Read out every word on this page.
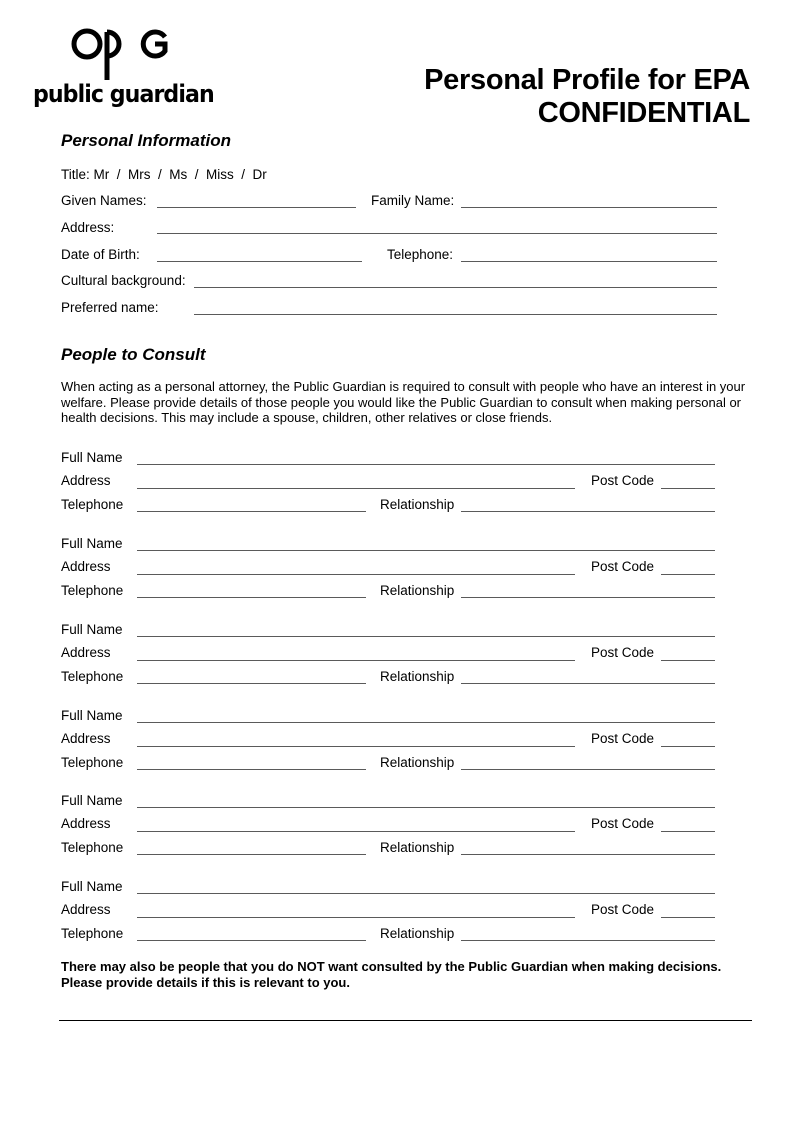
public guardian	Personal Profile for EPA
CONFIDENTIAL
Personal Information
Title: Mr  /  Mrs  /  Ms  /  Miss  /  Dr
Given Names:	Family Name:
Address:
Date of Birth:	Telephone:
Cultural background:
Preferred name:
People to Consult
When acting as a personal attorney, the Public Guardian is required to consult with people who have an interest in your welfare. Please provide details of those people you would like the Public Guardian to consult when making personal or health decisions. This may include a spouse, children, other relatives or close friends.
Full Name
Address	Post Code
Telephone	Relationship
Full Name
Address	Post Code
Telephone	Relationship
Full Name
Address	Post Code
Telephone	Relationship
Full Name
Address	Post Code
Telephone	Relationship
Full Name
Address	Post Code
Telephone	Relationship
Full Name
Address	Post Code
Telephone	Relationship
There may also be people that you do NOT want consulted by the Public Guardian when making decisions. Please provide details if this is relevant to you.
